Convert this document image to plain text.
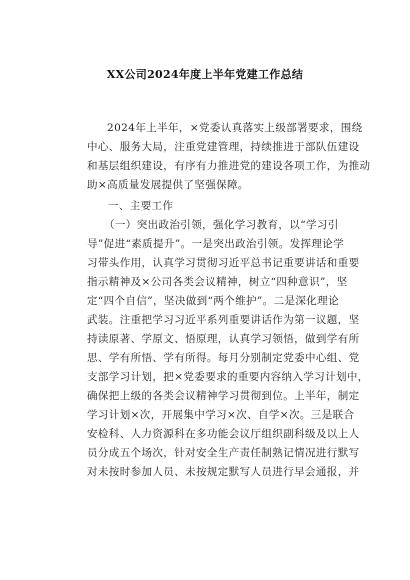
XX公司2024年度上半年党建工作总结
2024年上半年，×党委认真落实上级部署要求，围绕
中心、服务大局，注重党建管理，持续推进于部队伍建设
和基层组织建设，有序有力推进党的建设各项工作，为推动
助×高质量发展提供了坚强保障。
一、主要工作
（一）突出政治引领，强化学习教育，以“学习引
导”促进“素质提升”。一是突出政治引领。发挥理论学
习带头作用，认真学习贯彻习近平总书记重要讲话和重要
指示精神及×公司各类会议精神，树立“四种意识”，坚
定“四个自信”，坚决做到“两个维护”。二是深化理论
武装。注重把学习习近平系列重要讲话作为第一议题，坚
持读原著、学原文、悟原理，认真学习领悟，做到学有所
思、学有所悟、学有所得。每月分别制定党委中心组、党
支部学习计划，把×党委要求的重要内容纳入学习计划中，
确保把上级的各类会议精神学习贯彻到位。上半年，制定
学习计划×次，开展集中学习×次、自学×次。三是联合
安检科、人力资源科在多功能会议厅组织副科级及以上人
员分成五个场次，针对安全生产责任制熟记情况进行默写
对未按时参加人员、未按规定默写人员进行早会通报，并
